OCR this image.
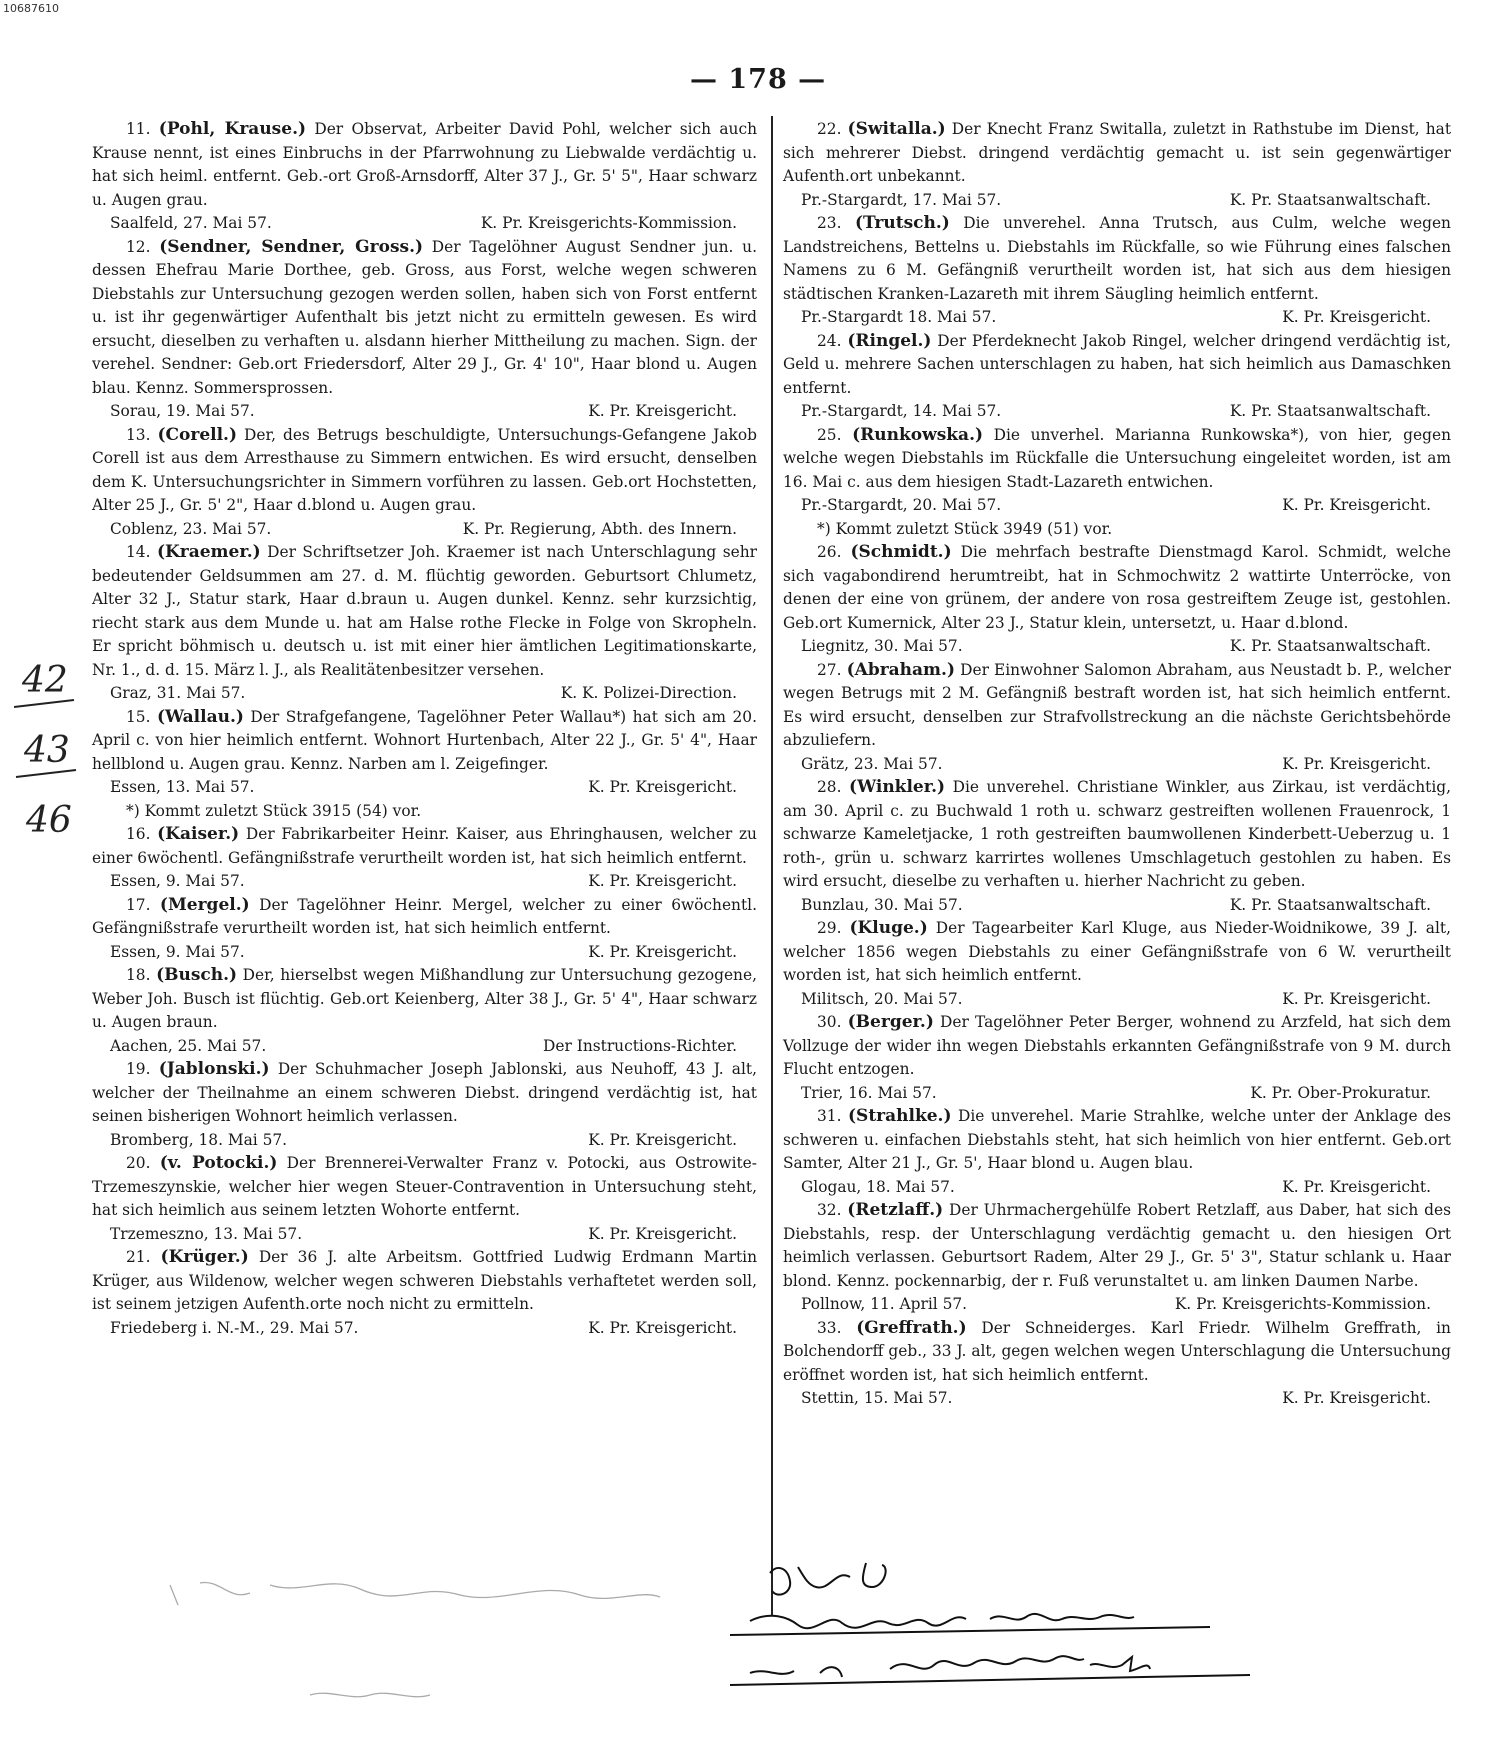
10687610
— 178 —
42
43
46

11. (Pohl, Krause.) Der Observat, Arbeiter David Pohl, welcher sich auch Krause nennt, ist eines Einbruchs in der Pfarrwohnung zu Liebwalde verdächtig u. hat sich heiml. entfernt. Geb.-ort Groß-Arnsdorff, Alter 37 J., Gr. 5' 5", Haar schwarz u. Augen grau.

Saalfeld, 27. Mai 57.	K. Pr. Kreisgerichts-Kommission.

12. (Sendner, Sendner, Gross.) Der Tagelöhner August Sendner jun. u. dessen Ehefrau Marie Dorthee, geb. Gross, aus Forst, welche wegen schweren Diebstahls zur Untersuchung gezogen werden sollen, haben sich von Forst entfernt u. ist ihr gegenwärtiger Aufenthalt bis jetzt nicht zu ermitteln gewesen. Es wird ersucht, dieselben zu verhaften u. alsdann hierher Mittheilung zu machen. Sign. der verehel. Sendner: Geb.ort Friedersdorf, Alter 29 J., Gr. 4' 10", Haar blond u. Augen blau. Kennz. Sommersprossen.

Sorau, 19. Mai 57.	K. Pr. Kreisgericht.

13. (Corell.) Der, des Betrugs beschuldigte, Untersuchungs-Gefangene Jakob Corell ist aus dem Arresthause zu Simmern entwichen. Es wird ersucht, denselben dem K. Untersuchungsrichter in Simmern vorführen zu lassen. Geb.ort Hochstetten, Alter 25 J., Gr. 5' 2", Haar d.blond u. Augen grau.

Coblenz, 23. Mai 57.	K. Pr. Regierung, Abth. des Innern.

14. (Kraemer.) Der Schriftsetzer Joh. Kraemer ist nach Unterschlagung sehr bedeutender Geldsummen am 27. d. M. flüchtig geworden. Geburtsort Chlumetz, Alter 32 J., Statur stark, Haar d.braun u. Augen dunkel. Kennz. sehr kurzsichtig, riecht stark aus dem Munde u. hat am Halse rothe Flecke in Folge von Skropheln. Er spricht böhmisch u. deutsch u. ist mit einer hier ämtlichen Legitimationskarte, Nr. 1., d. d. 15. März l. J., als Realitätenbesitzer versehen.

Graz, 31. Mai 57.	K. K. Polizei-Direction.

15. (Wallau.) Der Strafgefangene, Tagelöhner Peter Wallau*) hat sich am 20. April c. von hier heimlich entfernt. Wohnort Hurtenbach, Alter 22 J., Gr. 5' 4", Haar hellblond u. Augen grau. Kennz. Narben am l. Zeigefinger.

Essen, 13. Mai 57.	K. Pr. Kreisgericht.
*) Kommt zuletzt Stück 3915 (54) vor.

16. (Kaiser.) Der Fabrikarbeiter Heinr. Kaiser, aus Ehringhausen, welcher zu einer 6wöchentl. Gefängnißstrafe verurtheilt worden ist, hat sich heimlich entfernt.

Essen, 9. Mai 57.	K. Pr. Kreisgericht.

17. (Mergel.) Der Tagelöhner Heinr. Mergel, welcher zu einer 6wöchentl. Gefängnißstrafe verurtheilt worden ist, hat sich heimlich entfernt.

Essen, 9. Mai 57.	K. Pr. Kreisgericht.

18. (Busch.) Der, hierselbst wegen Mißhandlung zur Untersuchung gezogene, Weber Joh. Busch ist flüchtig. Geb.ort Keienberg, Alter 38 J., Gr. 5' 4", Haar schwarz u. Augen braun.

Aachen, 25. Mai 57.	Der Instructions-Richter.

19. (Jablonski.) Der Schuhmacher Joseph Jablonski, aus Neuhoff, 43 J. alt, welcher der Theilnahme an einem schweren Diebst. dringend verdächtig ist, hat seinen bisherigen Wohnort heimlich verlassen.

Bromberg, 18. Mai 57.	K. Pr. Kreisgericht.

20. (v. Potocki.) Der Brennerei-Verwalter Franz v. Potocki, aus Ostrowite-Trzemeszynskie, welcher hier wegen Steuer-Contravention in Untersuchung steht, hat sich heimlich aus seinem letzten Wohorte entfernt.

Trzemeszno, 13. Mai 57.	K. Pr. Kreisgericht.

21. (Krüger.) Der 36 J. alte Arbeitsm. Gottfried Ludwig Erdmann Martin Krüger, aus Wildenow, welcher wegen schweren Diebstahls verhaftetet werden soll, ist seinem jetzigen Aufenth.orte noch nicht zu ermitteln.

Friedeberg i. N.-M., 29. Mai 57.	K. Pr. Kreisgericht.

22. (Switalla.) Der Knecht Franz Switalla, zuletzt in Rathstube im Dienst, hat sich mehrerer Diebst. dringend verdächtig gemacht u. ist sein gegenwärtiger Aufenth.ort unbekannt.

Pr.-Stargardt, 17. Mai 57.	K. Pr. Staatsanwaltschaft.

23. (Trutsch.) Die unverehel. Anna Trutsch, aus Culm, welche wegen Landstreichens, Bettelns u. Diebstahls im Rückfalle, so wie Führung eines falschen Namens zu 6 M. Gefängniß verurtheilt worden ist, hat sich aus dem hiesigen städtischen Kranken-Lazareth mit ihrem Säugling heimlich entfernt.

Pr.-Stargardt 18. Mai 57.	K. Pr. Kreisgericht.

24. (Ringel.) Der Pferdeknecht Jakob Ringel, welcher dringend verdächtig ist, Geld u. mehrere Sachen unterschlagen zu haben, hat sich heimlich aus Damaschken entfernt.

Pr.-Stargardt, 14. Mai 57.	K. Pr. Staatsanwaltschaft.

25. (Runkowska.) Die unverhel. Marianna Runkowska*), von hier, gegen welche wegen Diebstahls im Rückfalle die Untersuchung eingeleitet worden, ist am 16. Mai c. aus dem hiesigen Stadt-Lazareth entwichen.

Pr.-Stargardt, 20. Mai 57.	K. Pr. Kreisgericht.
*) Kommt zuletzt Stück 3949 (51) vor.

26. (Schmidt.) Die mehrfach bestrafte Dienstmagd Karol. Schmidt, welche sich vagabondirend herumtreibt, hat in Schmochwitz 2 wattirte Unterröcke, von denen der eine von grünem, der andere von rosa gestreiftem Zeuge ist, gestohlen. Geb.ort Kumernick, Alter 23 J., Statur klein, untersetzt, u. Haar d.blond.

Liegnitz, 30. Mai 57.	K. Pr. Staatsanwaltschaft.

27. (Abraham.) Der Einwohner Salomon Abraham, aus Neustadt b. P., welcher wegen Betrugs mit 2 M. Gefängniß bestraft worden ist, hat sich heimlich entfernt. Es wird ersucht, denselben zur Strafvollstreckung an die nächste Gerichtsbehörde abzuliefern.

Grätz, 23. Mai 57.	K. Pr. Kreisgericht.

28. (Winkler.) Die unverehel. Christiane Winkler, aus Zirkau, ist verdächtig, am 30. April c. zu Buchwald 1 roth u. schwarz gestreiften wollenen Frauenrock, 1 schwarze Kameletjacke, 1 roth gestreiften baumwollenen Kinderbett-Ueberzug u. 1 roth-, grün u. schwarz karrirtes wollenes Umschlagetuch gestohlen zu haben. Es wird ersucht, dieselbe zu verhaften u. hierher Nachricht zu geben.

Bunzlau, 30. Mai 57.	K. Pr. Staatsanwaltschaft.

29. (Kluge.) Der Tagearbeiter Karl Kluge, aus Nieder-Woidnikowe, 39 J. alt, welcher 1856 wegen Diebstahls zu einer Gefängnißstrafe von 6 W. verurtheilt worden ist, hat sich heimlich entfernt.

Militsch, 20. Mai 57.	K. Pr. Kreisgericht.

30. (Berger.) Der Tagelöhner Peter Berger, wohnend zu Arzfeld, hat sich dem Vollzuge der wider ihn wegen Diebstahls erkannten Gefängnißstrafe von 9 M. durch Flucht entzogen.

Trier, 16. Mai 57.	K. Pr. Ober-Prokuratur.

31. (Strahlke.) Die unverehel. Marie Strahlke, welche unter der Anklage des schweren u. einfachen Diebstahls steht, hat sich heimlich von hier entfernt. Geb.ort Samter, Alter 21 J., Gr. 5', Haar blond u. Augen blau.

Glogau, 18. Mai 57.	K. Pr. Kreisgericht.

32. (Retzlaff.) Der Uhrmachergehülfe Robert Retzlaff, aus Daber, hat sich des Diebstahls, resp. der Unterschlagung verdächtig gemacht u. den hiesigen Ort heimlich verlassen. Geburtsort Radem, Alter 29 J., Gr. 5' 3", Statur schlank u. Haar blond. Kennz. pockennarbig, der r. Fuß verunstaltet u. am linken Daumen Narbe.

Pollnow, 11. April 57.	K. Pr. Kreisgerichts-Kommission.

33. (Greffrath.) Der Schneiderges. Karl Friedr. Wilhelm Greffrath, in Bolchendorff geb., 33 J. alt, gegen welchen wegen Unterschlagung die Untersuchung eröffnet worden ist, hat sich heimlich entfernt.

Stettin, 15. Mai 57.	K. Pr. Kreisgericht.
